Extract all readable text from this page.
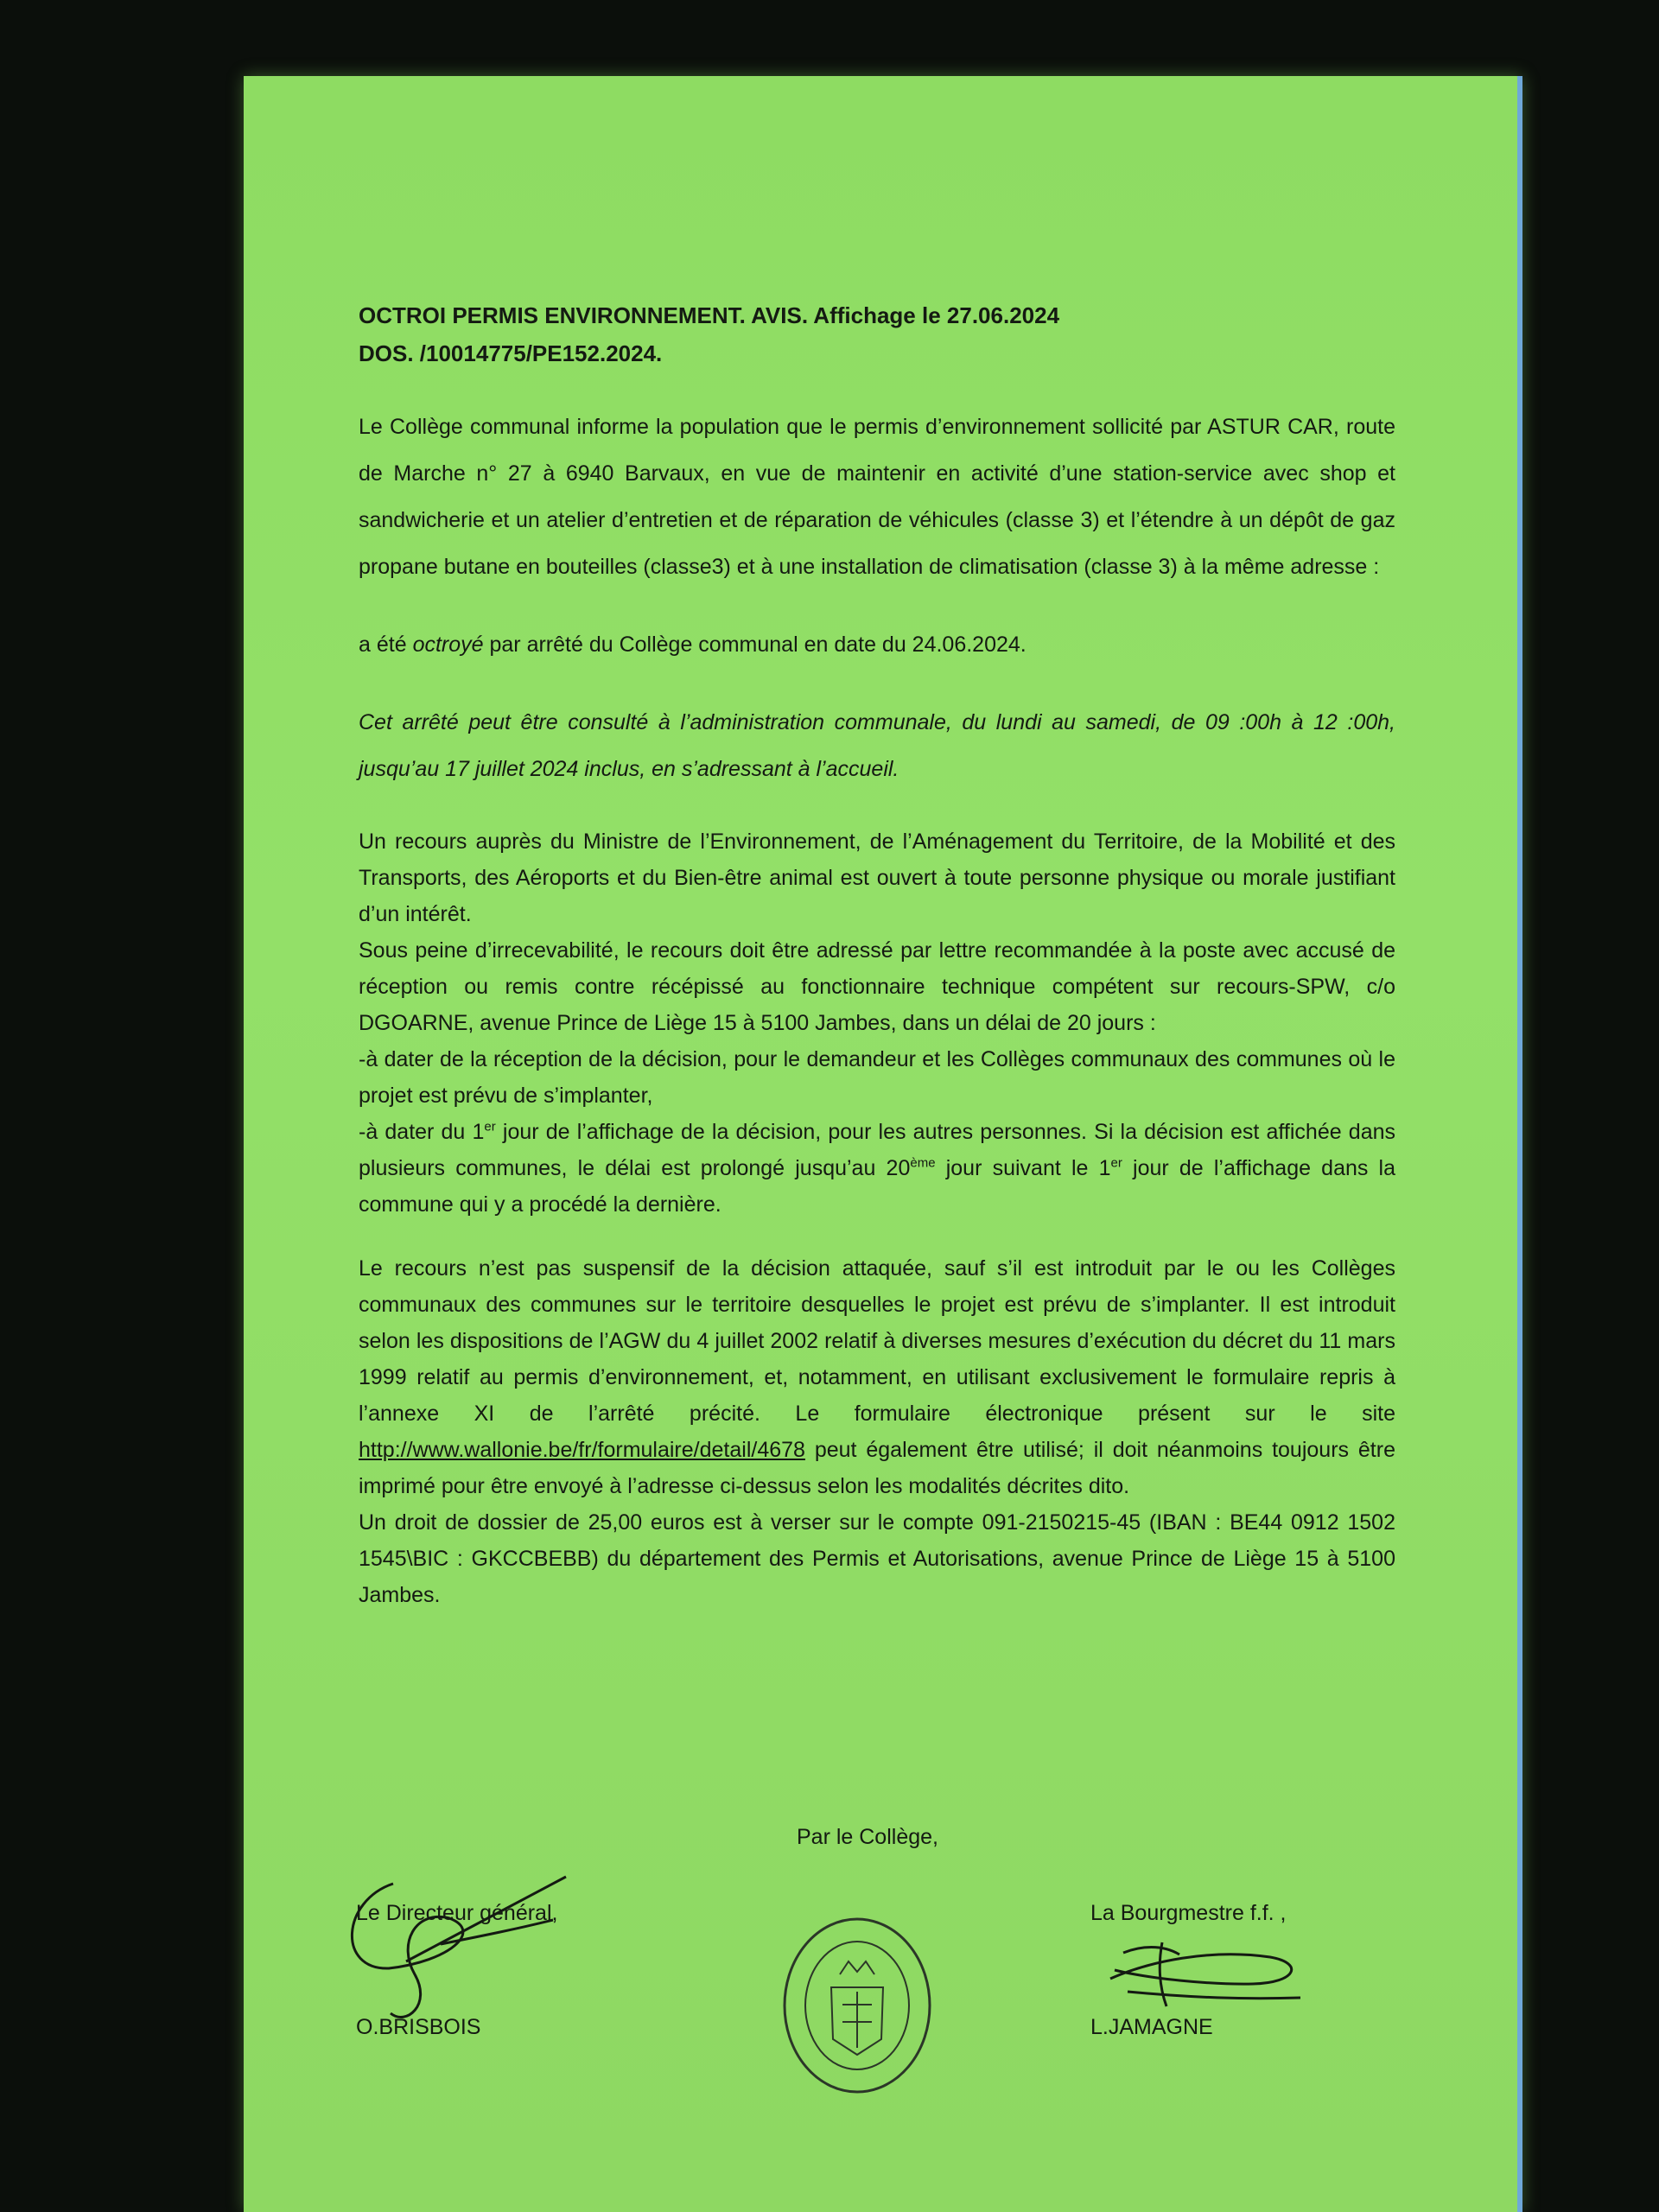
OCTROI PERMIS ENVIRONNEMENT. AVIS. Affichage le 27.06.2024
DOS. /10014775/PE152.2024.

Le Collège communal informe la population que le permis d’environnement sollicité par ASTUR CAR, route de Marche n° 27 à 6940 Barvaux, en vue de maintenir en activité d’une station-service avec shop et sandwicherie et un atelier d’entretien et de réparation de véhicules (classe 3) et l’étendre à un dépôt de gaz propane butane en bouteilles (classe3) et à une installation de climatisation (classe 3) à la même adresse :

a été octroyé par arrêté du Collège communal en date du 24.06.2024.

Cet arrêté peut être consulté à l’administration communale, du lundi au samedi, de 09 :00h à 12 :00h, jusqu’au 17 juillet 2024 inclus, en s’adressant à l’accueil.

Un recours auprès du Ministre de l’Environnement, de l’Aménagement du Territoire, de la Mobilité et des Transports, des Aéroports et du Bien-être animal est ouvert à toute personne physique ou morale justifiant d’un intérêt.

Sous peine d’irrecevabilité, le recours doit être adressé par lettre recommandée à la poste avec accusé de réception ou remis contre récépissé au fonctionnaire technique compétent sur recours-SPW, c/o DGOARNE, avenue Prince de Liège 15 à 5100 Jambes, dans un délai de 20 jours :

-à dater de la réception de la décision, pour le demandeur et les Collèges communaux des communes où le projet est prévu de s’implanter,

-à dater du 1er jour de l’affichage de la décision, pour les autres personnes. Si la décision est affichée dans plusieurs communes, le délai est prolongé jusqu’au 20ème jour suivant le 1er jour de l’affichage dans la commune qui y a procédé la dernière.

Le recours n’est pas suspensif de la décision attaquée, sauf s’il est introduit par le ou les Collèges communaux des communes sur le territoire desquelles le projet est prévu de s’implanter. Il est introduit selon les dispositions de l’AGW du 4 juillet 2002 relatif à diverses mesures d’exécution du décret du 11 mars 1999 relatif au permis d’environnement, et, notamment, en utilisant exclusivement le formulaire repris à l’annexe XI de l’arrêté précité. Le formulaire électronique présent sur le site http://www.wallonie.be/fr/formulaire/detail/4678 peut également être utilisé; il doit néanmoins toujours être imprimé pour être envoyé à l’adresse ci-dessus selon les modalités décrites dito.

Un droit de dossier de 25,00 euros est à verser sur le compte 091-2150215-45 (IBAN : BE44 0912 1502 1545\BIC : GKCCBEBB) du département des Permis et Autorisations, avenue Prince de Liège 15 à 5100 Jambes.

Par le Collège,
Le Directeur général,
O.BRISBOIS
La Bourgmestre f.f. ,
L.JAMAGNE
